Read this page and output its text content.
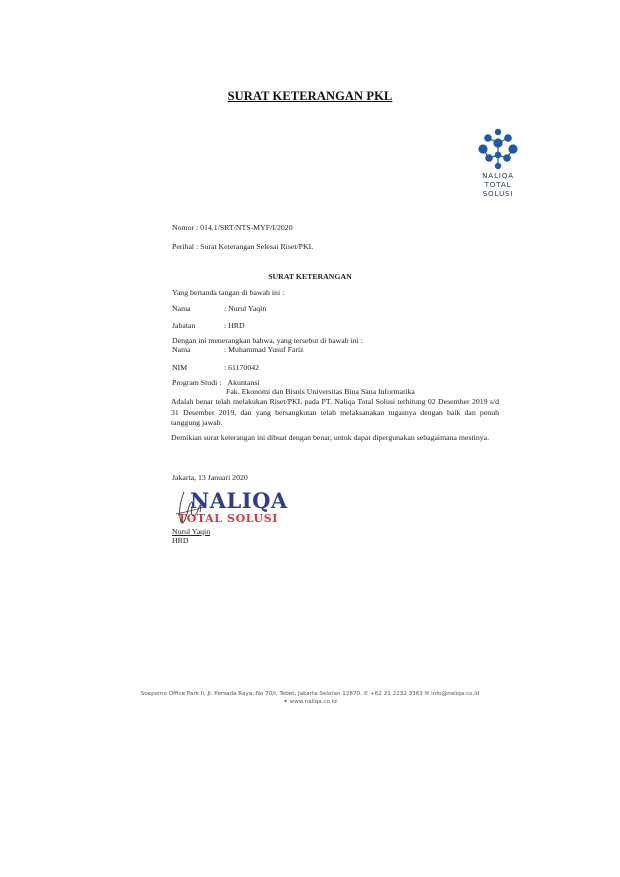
SURAT KETERANGAN PKL
NALIQA
TOTAL
SOLUSI
Nomor : 014.1/SRT/NTS-MYF/I/2020
Perihal : Surat Keterangan Selesai Riset/PKL
SURAT KETERANGAN
Yang bertanda tangan di bawah ini :
Nama	: Nurul Yaqin
Jabatan	: HRD
Dengan ini menerangkan bahwa, yang tersebut di bawah ini :
Nama	: Muhammad Yusuf Fariz
NIM	: 61170042
Program Studi : Akuntansi
Fak. Ekonomi dan Bisnis Universitas Bina Sana Informatika
Adalah benar telah melakukan Riset/PKL pada PT. Naliqa Total Solusi terhitung 02 Desember 2019 s/d 31 Desember 2019, dan yang bersangkutan telah melaksanakan tugasnya dengan baik dan penuh tanggung jawab.
Demikian surat keterangan ini dibuat dengan benar, untuk dapat dipergunakan sebagaimana mestinya.
Jakarta, 13 Januari 2020
NALIQA
TOTAL SOLUSI
Nurul Yaqin
HRD
Soepomo Office Park II, Jl. Persada Raya, No 70/I, Tebet, Jakarta Selatan 12870. ✆ +62 21 2232 3363 ✉ info@naliqa.co.id
⚭ www.naliqa.co.id
